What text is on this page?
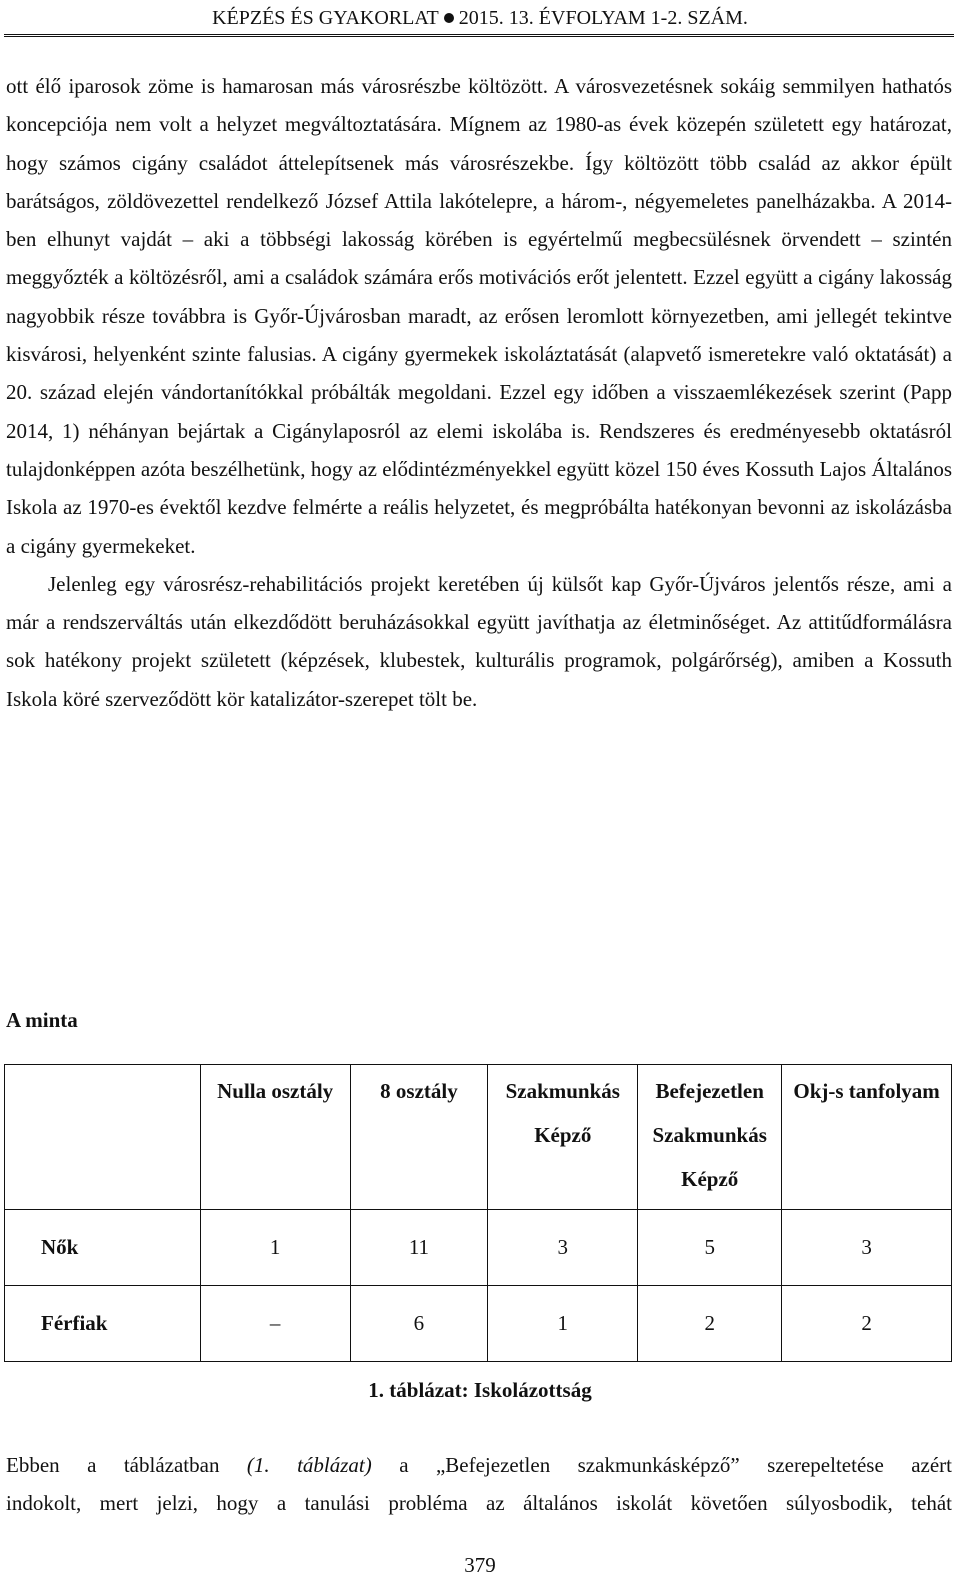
KÉPZÉS ÉS GYAKORLAT 2015. 13. ÉVFOLYAM 1-2. SZÁM.

ott élő iparosok zöme is hamarosan más városrészbe költözött. A városvezetésnek sokáig semmilyen hathatós koncepciója nem volt a helyzet megváltoztatására. Mígnem az 1980-as évek közepén született egy határozat, hogy számos cigány családot áttelepítsenek más városrészekbe. Így költözött több család az akkor épült barátságos, zöldövezettel rendelkező József Attila lakótelepre, a három-, négyemeletes panelházakba. A 2014-ben elhunyt vajdát – aki a többségi lakosság körében is egyértelmű megbecsülésnek örvendett – szintén meggyőzték a költözésről, ami a családok számára erős motivációs erőt jelentett. Ezzel együtt a cigány lakosság nagyobbik része továbbra is Győr-Újvárosban maradt, az erősen leromlott környezetben, ami jellegét tekintve kisvárosi, helyenként szinte falusias. A cigány gyermekek iskoláztatását (alapvető ismeretekre való oktatását) a 20. század elején vándortanítókkal próbálták megoldani. Ezzel egy időben a visszaemlékezések szerint (Papp 2014, 1) néhányan bejártak a Cigánylaposról az elemi iskolába is. Rendszeres és eredményesebb oktatásról tulajdonképpen azóta beszélhetünk, hogy az elődintézményekkel együtt közel 150 éves Kossuth Lajos Általános Iskola az 1970-es évektől kezdve felmérte a reális helyzetet, és megpróbálta hatékonyan bevonni az iskolázásba a cigány gyermekeket.

Jelenleg egy városrész-rehabilitációs projekt keretében új külsőt kap Győr-Újváros jelentős része, ami a már a rendszerváltás után elkezdődött beruházásokkal együtt javíthatja az életminőséget. Az attitűdformálásra sok hatékony projekt született (képzések, klubestek, kulturális programok, polgárőrség), amiben a Kossuth Iskola köré szerveződött kör katalizátor-szerepet tölt be.

A minta
	Nulla osztály	8 osztály	Szakmunkás Képző	Befejezetlen Szakmunkás Képző	Okj-s tanfolyam
Nők	1	11	3	5	3
Férfiak	–	6	1	2	2

1. táblázat: Iskolázottság

Ebben a táblázatban (1. táblázat) a „Befejezetlen szakmunkásképző” szerepeltetése azért

indokolt, mert jelzi, hogy a tanulási probléma az általános iskolát követően súlyosbodik, tehát

379
